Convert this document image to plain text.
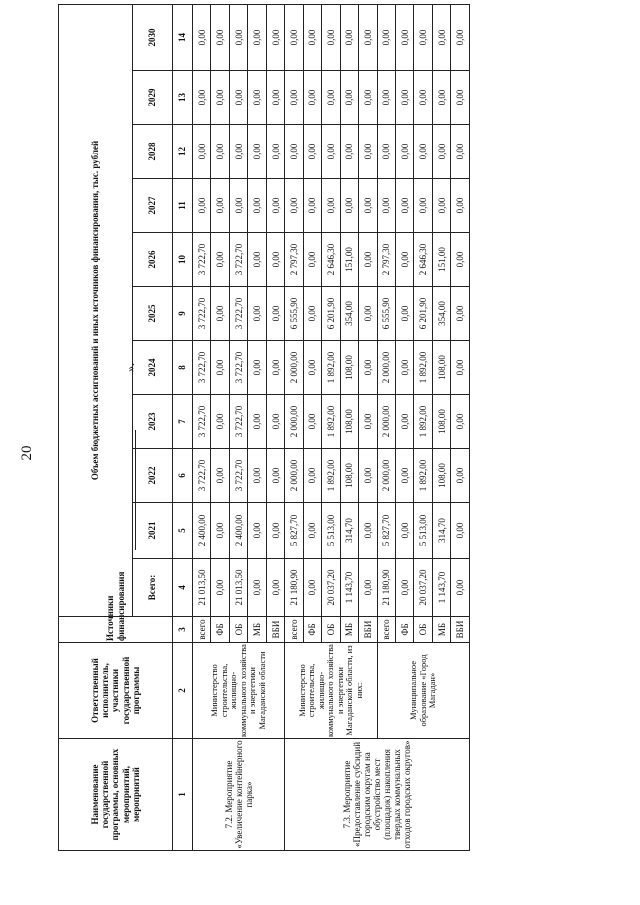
20
».
Наименование государственной программы, основных мероприятий, мероприятий	Ответственный исполнитель, участники государственной программы	Источники финансирования	Объем бюджетных ассигнований и иных источников финансирования, тыс. рублей										
			Всего:	2021	2022	2023	2024	2025	2026	2027	2028	2029	2030
1	2	3	4	5	6	7	8	9	10	11	12	13	14
7.2. Мероприятие «Увеличение контейнерного парка»	Министерство строительства, жилищно-коммунального хозяйства и энергетики Магаданской области	всего	21 013,50	2 400,00	3 722,70	3 722,70	3 722,70	3 722,70	3 722,70	0,00	0,00	0,00	0,00
		ФБ	0,00	0,00	0,00	0,00	0,00	0,00	0,00	0,00	0,00	0,00	0,00
		ОБ	21 013,50	2 400,00	3 722,70	3 722,70	3 722,70	3 722,70	3 722,70	0,00	0,00	0,00	0,00
		МБ	0,00	0,00	0,00	0,00	0,00	0,00	0,00	0,00	0,00	0,00	0,00
		ВБИ	0,00	0,00	0,00	0,00	0,00	0,00	0,00	0,00	0,00	0,00	0,00
7.3. Мероприятие «Предоставление субсидий городским округам на обустройство мест (площадок) накопления твердых коммунальных отходов городских округов»	Министерство строительства, жилищно-коммунального хозяйства и энергетики Магаданской области, из них:	всего	21 180,90	5 827,70	2 000,00	2 000,00	2 000,00	6 555,90	2 797,30	0,00	0,00	0,00	0,00
		ФБ	0,00	0,00	0,00	0,00	0,00	0,00	0,00	0,00	0,00	0,00	0,00
		ОБ	20 037,20	5 513,00	1 892,00	1 892,00	1 892,00	6 201,90	2 646,30	0,00	0,00	0,00	0,00
		МБ	1 143,70	314,70	108,00	108,00	108,00	354,00	151,00	0,00	0,00	0,00	0,00
		ВБИ	0,00	0,00	0,00	0,00	0,00	0,00	0,00	0,00	0,00	0,00	0,00
	Муниципальное образование «Город Магадан»	всего	21 180,90	5 827,70	2 000,00	2 000,00	2 000,00	6 555,90	2 797,30	0,00	0,00	0,00	0,00
		ФБ	0,00	0,00	0,00	0,00	0,00	0,00	0,00	0,00	0,00	0,00	0,00
		ОБ	20 037,20	5 513,00	1 892,00	1 892,00	1 892,00	6 201,90	2 646,30	0,00	0,00	0,00	0,00
		МБ	1 143,70	314,70	108,00	108,00	108,00	354,00	151,00	0,00	0,00	0,00	0,00
		ВБИ	0,00	0,00	0,00	0,00	0,00	0,00	0,00	0,00	0,00	0,00	0,00
